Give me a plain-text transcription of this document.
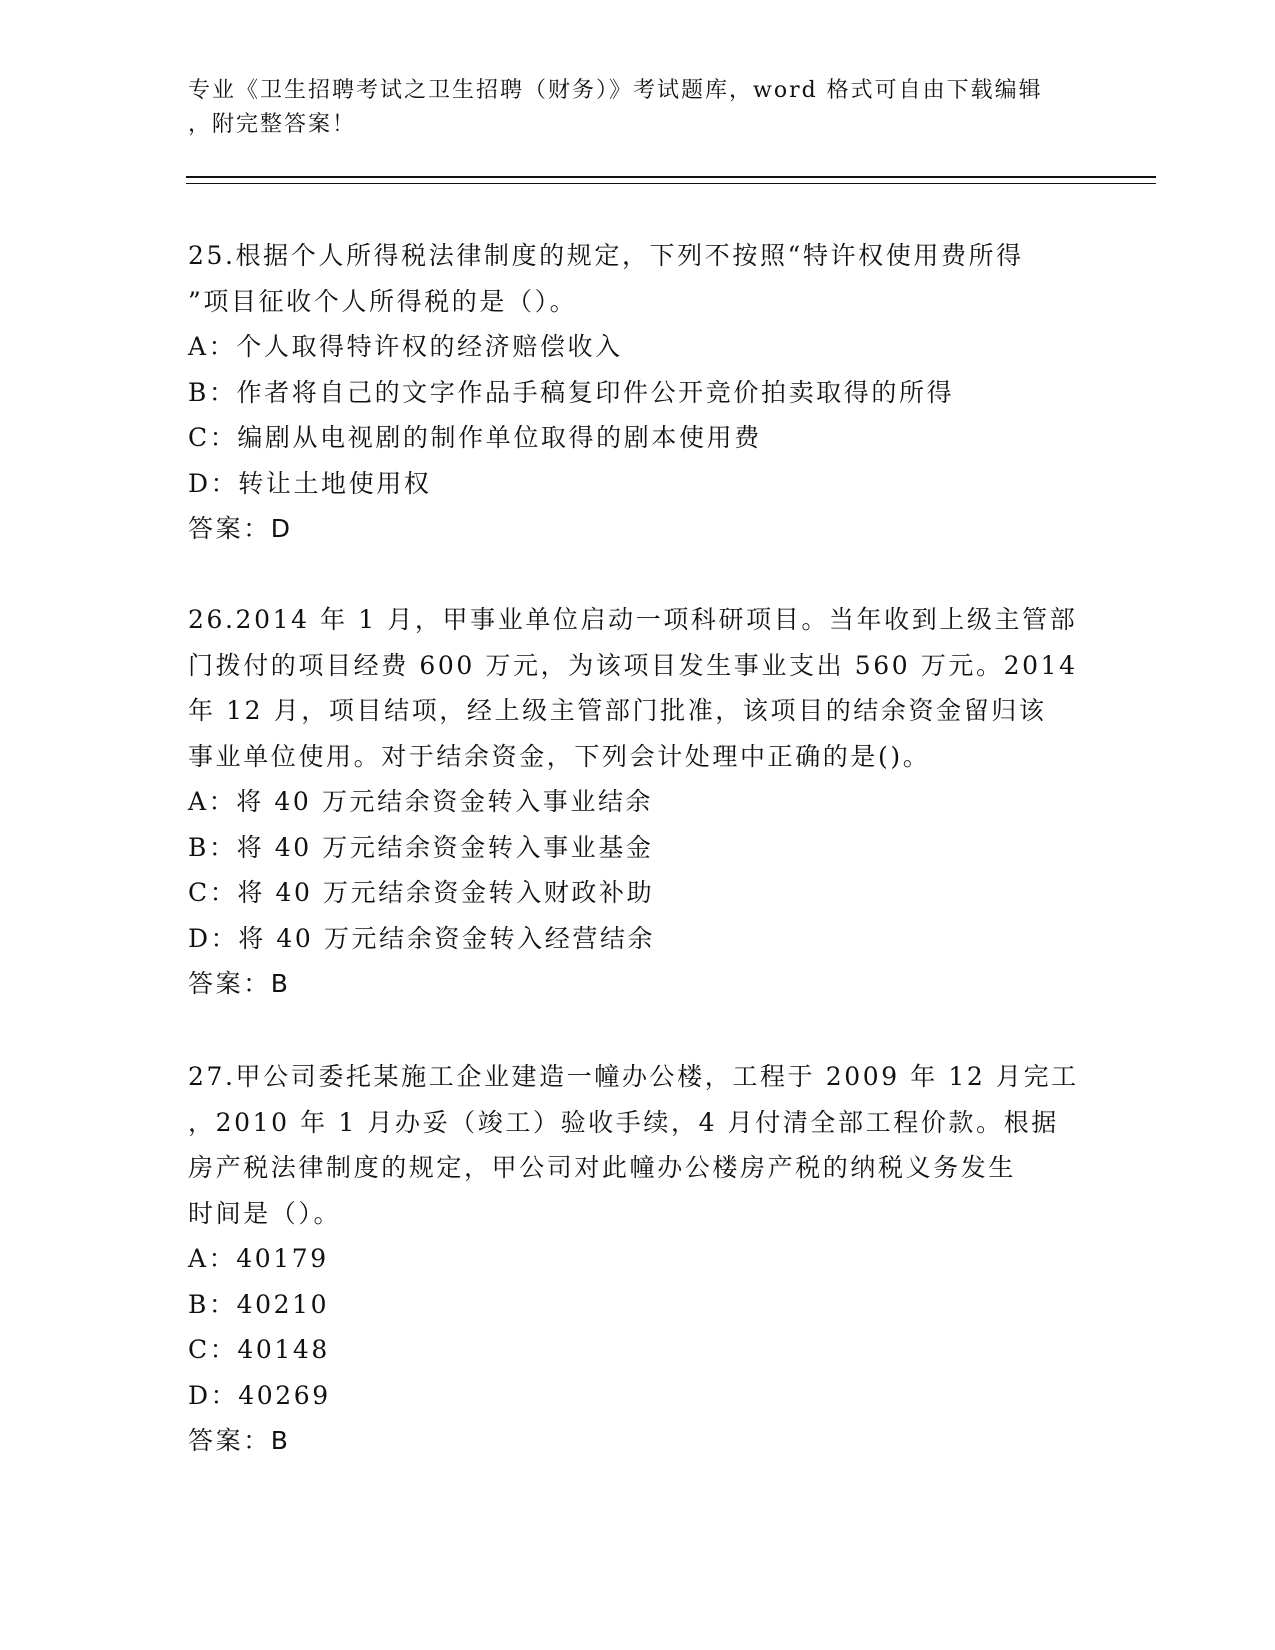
专业《卫生招聘考试之卫生招聘（财务）》考试题库，word 格式可自由下载编辑
，附完整答案！

25.根据个人所得税法律制度的规定，下列不按照“特许权使用费所得

”项目征收个人所得税的是（）。

A：个人取得特许权的经济赔偿收入

B：作者将自己的文字作品手稿复印件公开竞价拍卖取得的所得

C：编剧从电视剧的制作单位取得的剧本使用费

D：转让土地使用权

答案：D

26.2014 年 1 月，甲事业单位启动一项科研项目。当年收到上级主管部

门拨付的项目经费 600 万元，为该项目发生事业支出 560 万元。2014

年 12 月，项目结项，经上级主管部门批准，该项目的结余资金留归该

事业单位使用。对于结余资金，下列会计处理中正确的是()。

A：将 40 万元结余资金转入事业结余

B：将 40 万元结余资金转入事业基金

C：将 40 万元结余资金转入财政补助

D：将 40 万元结余资金转入经营结余

答案：B

27.甲公司委托某施工企业建造一幢办公楼，工程于 2009 年 12 月完工

，2010 年 1 月办妥（竣工）验收手续，4 月付清全部工程价款。根据

房产税法律制度的规定，甲公司对此幢办公楼房产税的纳税义务发生

时间是（）。

A：40179

B：40210

C：40148

D：40269

答案：B
